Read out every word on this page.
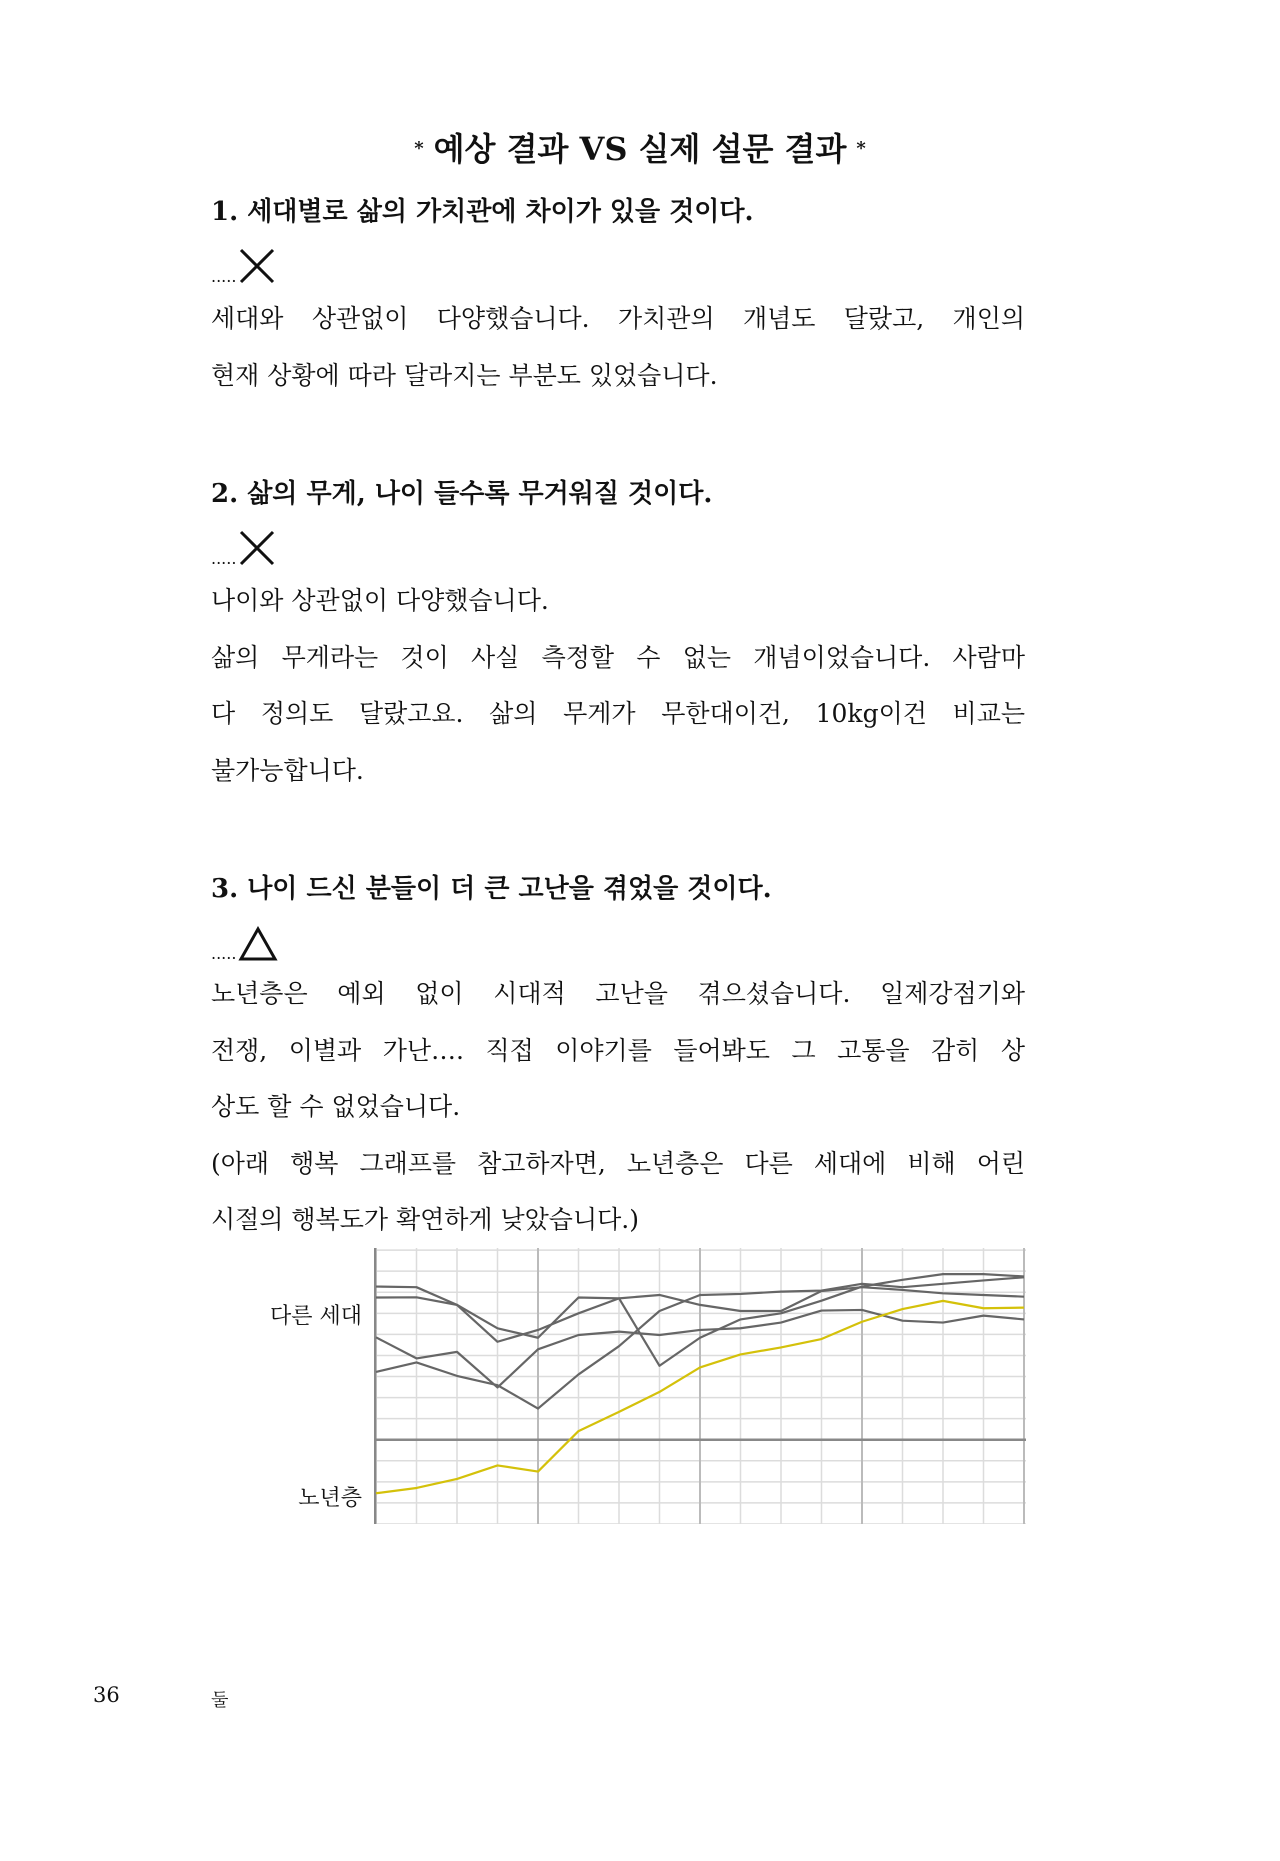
* 예상 결과 VS 실제 설문 결과 *
1. 세대별로 삶의 가치관에 차이가 있을 것이다.
.....
세대와 상관없이 다양했습니다. 가치관의 개념도 달랐고, 개인의
현재 상황에 따라 달라지는 부분도 있었습니다.
2. 삶의 무게, 나이 들수록 무거워질 것이다.
.....
나이와 상관없이 다양했습니다.
삶의 무게라는 것이 사실 측정할 수 없는 개념이었습니다. 사람마
다 정의도 달랐고요. 삶의 무게가 무한대이건, 10kg이건 비교는
불가능합니다.
3. 나이 드신 분들이 더 큰 고난을 겪었을 것이다.
.....
노년층은 예외 없이 시대적 고난을 겪으셨습니다. 일제강점기와
전쟁, 이별과 가난…. 직접 이야기를 들어봐도 그 고통을 감히 상
상도 할 수 없었습니다.
(아래 행복 그래프를 참고하자면, 노년층은 다른 세대에 비해 어린
시절의 행복도가 확연하게 낮았습니다.)
다른 세대
노년층
36	둘
